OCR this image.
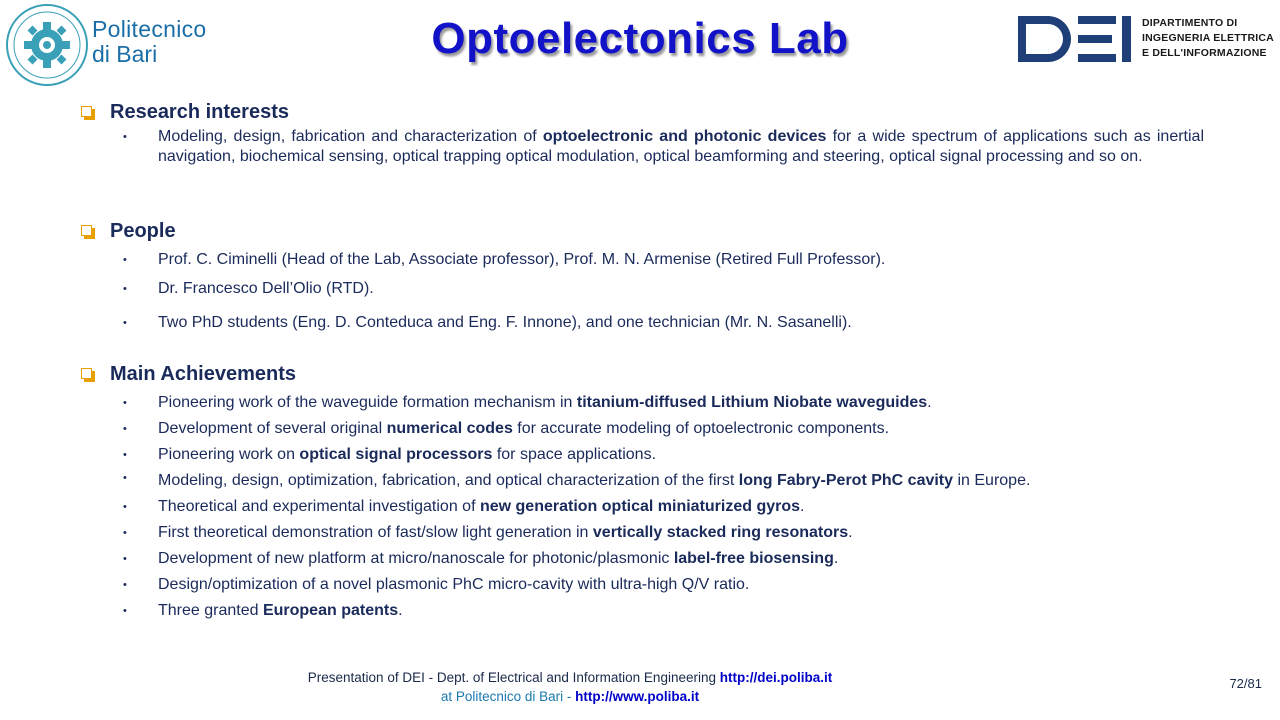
Politecnico
di Bari
DIPARTIMENTO DI
INGEGNERIA ELETTRICA
E DELL'INFORMAZIONE
Optoelectonics Lab
Research interests
• Modeling, design, fabrication and characterization of optoelectronic and photonic devices for a wide spectrum of applications such as inertial navigation, biochemical sensing, optical trapping optical modulation, optical beamforming and steering, optical signal processing and so on.
People
• Prof. C. Ciminelli (Head of the Lab, Associate professor), Prof. M. N. Armenise (Retired Full Professor).
• Dr. Francesco Dell’Olio (RTD).
• Two PhD students (Eng. D. Conteduca and Eng. F. Innone), and one technician (Mr. N. Sasanelli).
Main Achievements
• Pioneering work of the waveguide formation mechanism in titanium-diffused Lithium Niobate waveguides.
• Development of several original numerical codes for accurate modeling of optoelectronic components.
• Pioneering work on optical signal processors for space applications.
• Modeling, design, optimization, fabrication, and optical characterization of the first long Fabry-Perot PhC cavity in Europe.
• Theoretical and experimental investigation of new generation optical miniaturized gyros.
• First theoretical demonstration of fast/slow light generation in vertically stacked ring resonators.
• Development of new platform at micro/nanoscale for photonic/plasmonic label-free biosensing.
• Design/optimization of a novel plasmonic PhC micro-cavity with ultra-high Q/V ratio.
• Three granted European patents.
Presentation of DEI - Dept. of Electrical and Information Engineering http://dei.poliba.it
at Politecnico di Bari - http://www.poliba.it
72/81
